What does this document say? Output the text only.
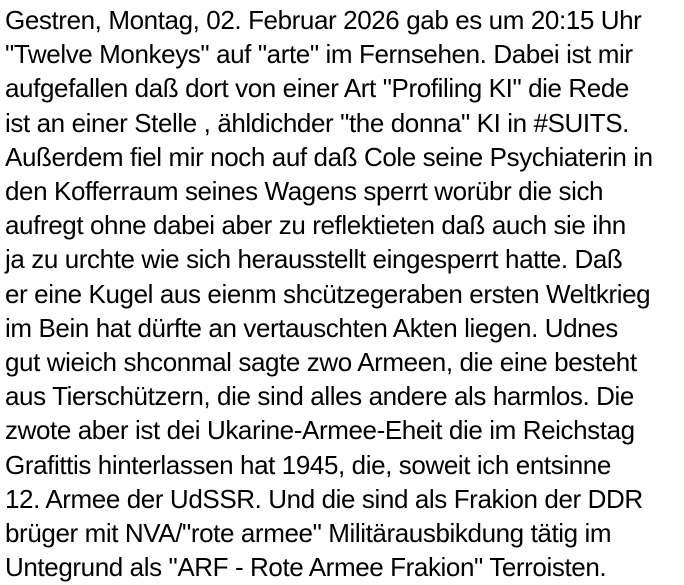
Gestren, Montag, 02. Februar 2026 gab es um 20:15 Uhr
"Twelve Monkeys" auf "arte" im Fernsehen. Dabei ist mir
aufgefallen daß dort von einer Art "Profiling KI" die Rede
ist an einer Stelle , ähldichder "the donna" KI in #SUITS.
Außerdem fiel mir noch auf daß Cole seine Psychiaterin in
den Kofferraum seines Wagens sperrt worübr die sich
aufregt ohne dabei aber zu reflektieten daß auch sie ihn
ja zu urchte wie sich herausstellt eingesperrt hatte. Daß
er eine Kugel aus eienm shcützegeraben ersten Weltkrieg
im Bein hat dürfte an vertauschten Akten liegen. Udnes
gut wieich shconmal sagte zwo Armeen, die eine besteht
aus Tierschützern, die sind alles andere als harmlos. Die
zwote aber ist dei Ukarine-Armee-Eheit die im Reichstag
Grafittis hinterlassen hat 1945, die, soweit ich entsinne
12. Armee der UdSSR. Und die sind als Frakion der DDR
brüger mit NVA/"rote armee" Militärausbikdung tätig im
Untegrund als "ARF - Rote Armee Frakion" Terroisten.
